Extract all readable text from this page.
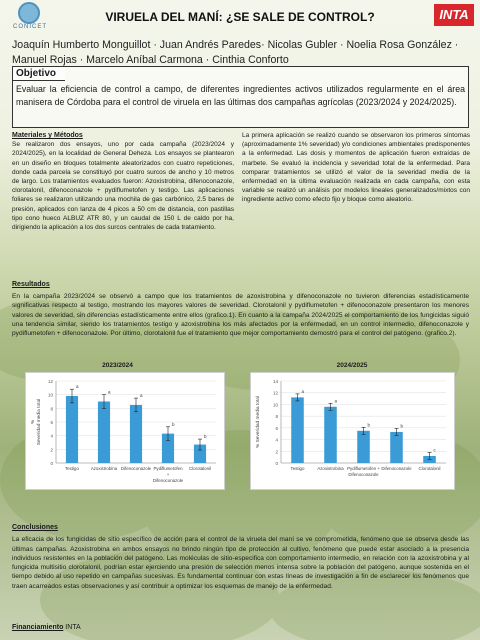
CONICET
VIRUELA DEL MANÍ: ¿SE SALE DE CONTROL?	INTA
Joaquín Humberto Monguillot · Juan Andrés Paredes· Nicolas Gubler · Noelia Rosa González ·
Manuel Rojas · Marcelo Aníbal Carmona · Cinthia Conforto
Objetivo
Evaluar la eficiencia de control a campo, de diferentes ingredientes activos utilizados regularmente en el área manisera de Córdoba para el control de viruela en las últimas dos campañas agrícolas (2023/2024 y 2024/2025).
Materiales y Métodos
Se realizaron dos ensayos, uno por cada campaña (2023/2024 y 2024/2025), en la localidad de General Deheza. Los ensayos se plantearon en un diseño en bloques totalmente aleatorizados con cuatro repeticiones, donde cada parcela se constituyó por cuatro surcos de ancho y 10 metros de largo. Los tratamientos evaluados fueron: Azoxistrobina, difenoconazole, clorotalonil, difenoconazole + pydiflumetofen y testigo. Las aplicaciones foliares se realizaron utilizando una mochila de gas carbónico, 2.5 bares de presión, aplicados con lanza de 4 picos a 50 cm de distancia, con pastillas tipo cono hueco ALBUZ ATR 80, y un caudal de 150 L de caldo por ha, dirigiendo la aplicación a los dos surcos centrales de cada tratamiento.
La primera aplicación se realizó cuando se observaron los primeros síntomas (aproximadamente 1% severidad) y/o condiciones ambientales predisponentes a la enfermedad. Las dosis y momentos de aplicación fueron extraídas de marbete. Se evaluó la incidencia y severidad total de la enfermedad. Para comparar tratamientos se utilizó el valor de la severidad media de la enfermedad en la última evaluación realizada en cada campaña, con esta variable se realizó un análisis por modelos lineales generalizados/mixtos con ingrediente activo como efecto fijo y bloque como aleatorio.
Resultados
En la campaña 2023/2024 se observó a campo que los tratamientos de azoxistrobina y difenoconazole no tuvieron diferencias estadísticamente significativas respecto al testigo, mostrando los mayores valores de severidad. Clorotalonil y pydiflumetofen + difenoconazole presentaron los menores valores de severidad, sin diferencias estadísticamente entre ellos (grafico.1). En cuanto a la campaña 2024/2025 el comportamiento de los fungicidas siguió una tendencia similar, siendo los tratamientos testigo y azoxistrobina los más afectados por la enfermedad, en un control intermedio, difenoconazole y pydiflumetofen + difenoconazole. Por último, clorotalonil fue el tratamiento que mejor comportamiento demostró para el control del patógeno. (grafico.2).
2023/2024
0
2
4
6
8
10
12
% Severidad media total
a
Testigo
a
Azoxistrobina
a
Difenoconazole
b
Pydiflumetofen
+
b
Clorotalonil
Difenoconazole
2024/2025
0
2
4
6
8
10
12
14
% Severidad media total
a
Testigo
a
Azoxistrobina
b
Pydiflumetofen +
Difenoconazole
b
Difenoconazole
c
Clorotalonil
Conclusiones
La eficacia de los fungicidas de sitio específico de acción para el control de la viruela del maní se ve comprometida, fenómeno que se observa desde las últimas campañas. Azoxistrobina en ambos ensayos no brindo ningún tipo de protección al cultivo, fenómeno que puede estar asociado a la presencia individuos resistentes en la población del patógeno. Las moléculas de sitio-especifica con comportamiento intermedio, en relación con la azoxistrobina y al fungicida multisitio clorotalonil, podrían estar ejerciendo una presión de selección menos intensa sobre la población del patógeno, aunque sostenida en el tiempo debido al uso repetido en campañas sucesivas. Es fundamental continuar con estas líneas de investigación a fin de esclarecer los fenómenos que traen acarreados estas observaciones y así contribuir a optimizar los esquemas de manejo de la enfermedad.
Financiamiento INTA
